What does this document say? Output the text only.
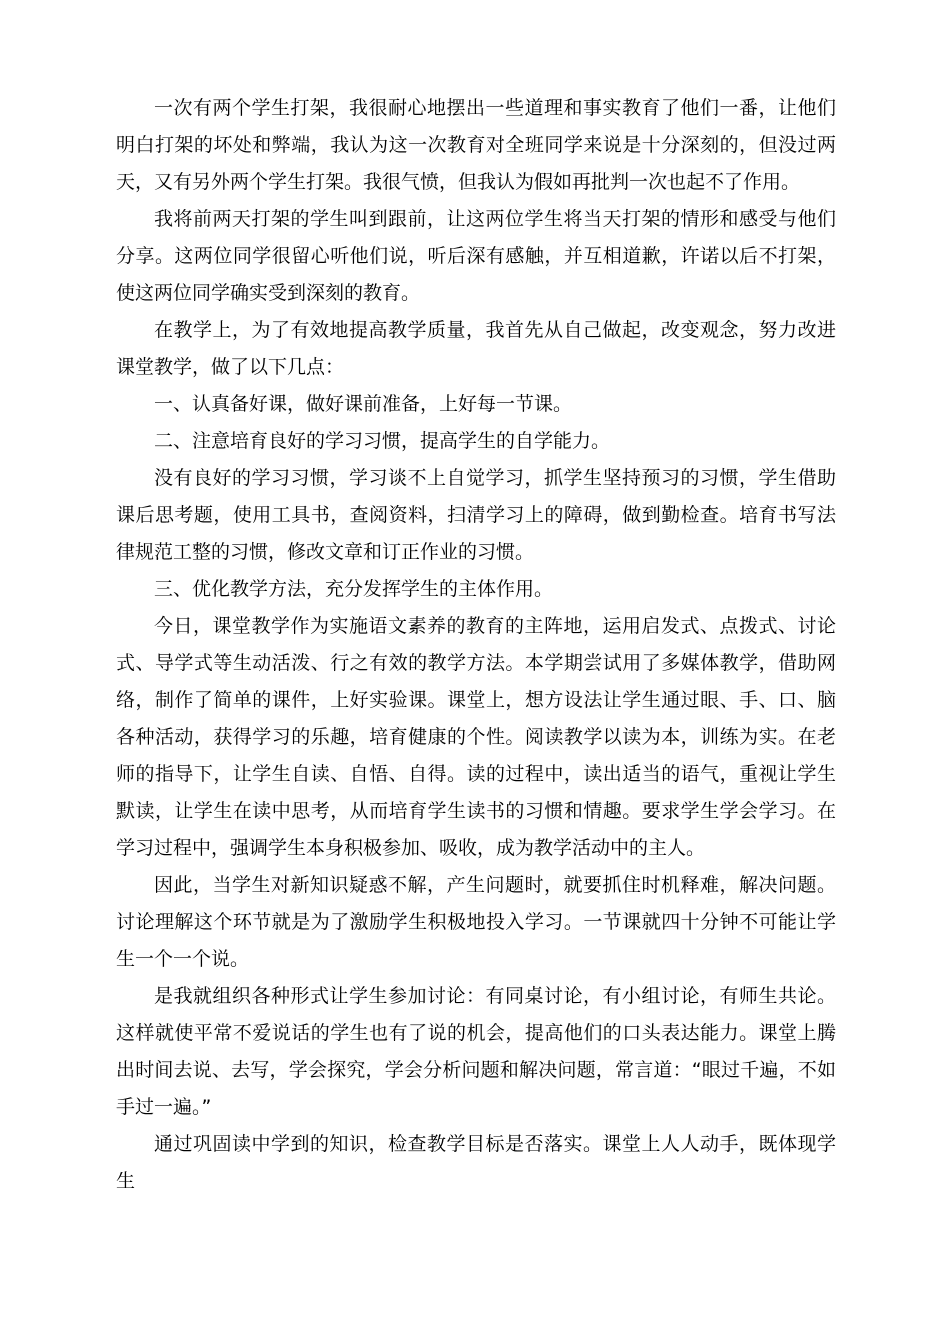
一次有两个学生打架，我很耐心地摆出一些道理和事实教育了他们一番，让他们明白打架的坏处和弊端，我认为这一次教育对全班同学来说是十分深刻的，但没过两天，又有另外两个学生打架。我很气愤，但我认为假如再批判一次也起不了作用。

我将前两天打架的学生叫到跟前，让这两位学生将当天打架的情形和感受与他们分享。这两位同学很留心听他们说，听后深有感触，并互相道歉，许诺以后不打架，使这两位同学确实受到深刻的教育。

在教学上，为了有效地提高教学质量，我首先从自己做起，改变观念，努力改进课堂教学，做了以下几点：

一、认真备好课，做好课前准备，上好每一节课。

二、注意培育良好的学习习惯，提高学生的自学能力。

没有良好的学习习惯，学习谈不上自觉学习，抓学生坚持预习的习惯，学生借助课后思考题，使用工具书，查阅资料，扫清学习上的障碍，做到勤检查。培育书写法律规范工整的习惯，修改文章和订正作业的习惯。

三、优化教学方法，充分发挥学生的主体作用。

今日，课堂教学作为实施语文素养的教育的主阵地，运用启发式、点拨式、讨论式、导学式等生动活泼、行之有效的教学方法。本学期尝试用了多媒体教学，借助网络，制作了简单的课件，上好实验课。课堂上，想方设法让学生通过眼、手、口、脑各种活动，获得学习的乐趣，培育健康的个性。阅读教学以读为本，训练为实。在老师的指导下，让学生自读、自悟、自得。读的过程中，读出适当的语气，重视让学生默读，让学生在读中思考，从而培育学生读书的习惯和情趣。要求学生学会学习。在学习过程中，强调学生本身积极参加、吸收，成为教学活动中的主人。

因此，当学生对新知识疑惑不解，产生问题时，就要抓住时机释难，解决问题。讨论理解这个环节就是为了激励学生积极地投入学习。一节课就四十分钟不可能让学生一个一个说。

是我就组织各种形式让学生参加讨论：有同桌讨论，有小组讨论，有师生共论。这样就使平常不爱说话的学生也有了说的机会，提高他们的口头表达能力。课堂上腾出时间去说、去写，学会探究，学会分析问题和解决问题，常言道：“眼过千遍，不如手过一遍。”

通过巩固读中学到的知识，检查教学目标是否落实。课堂上人人动手，既体现学生
